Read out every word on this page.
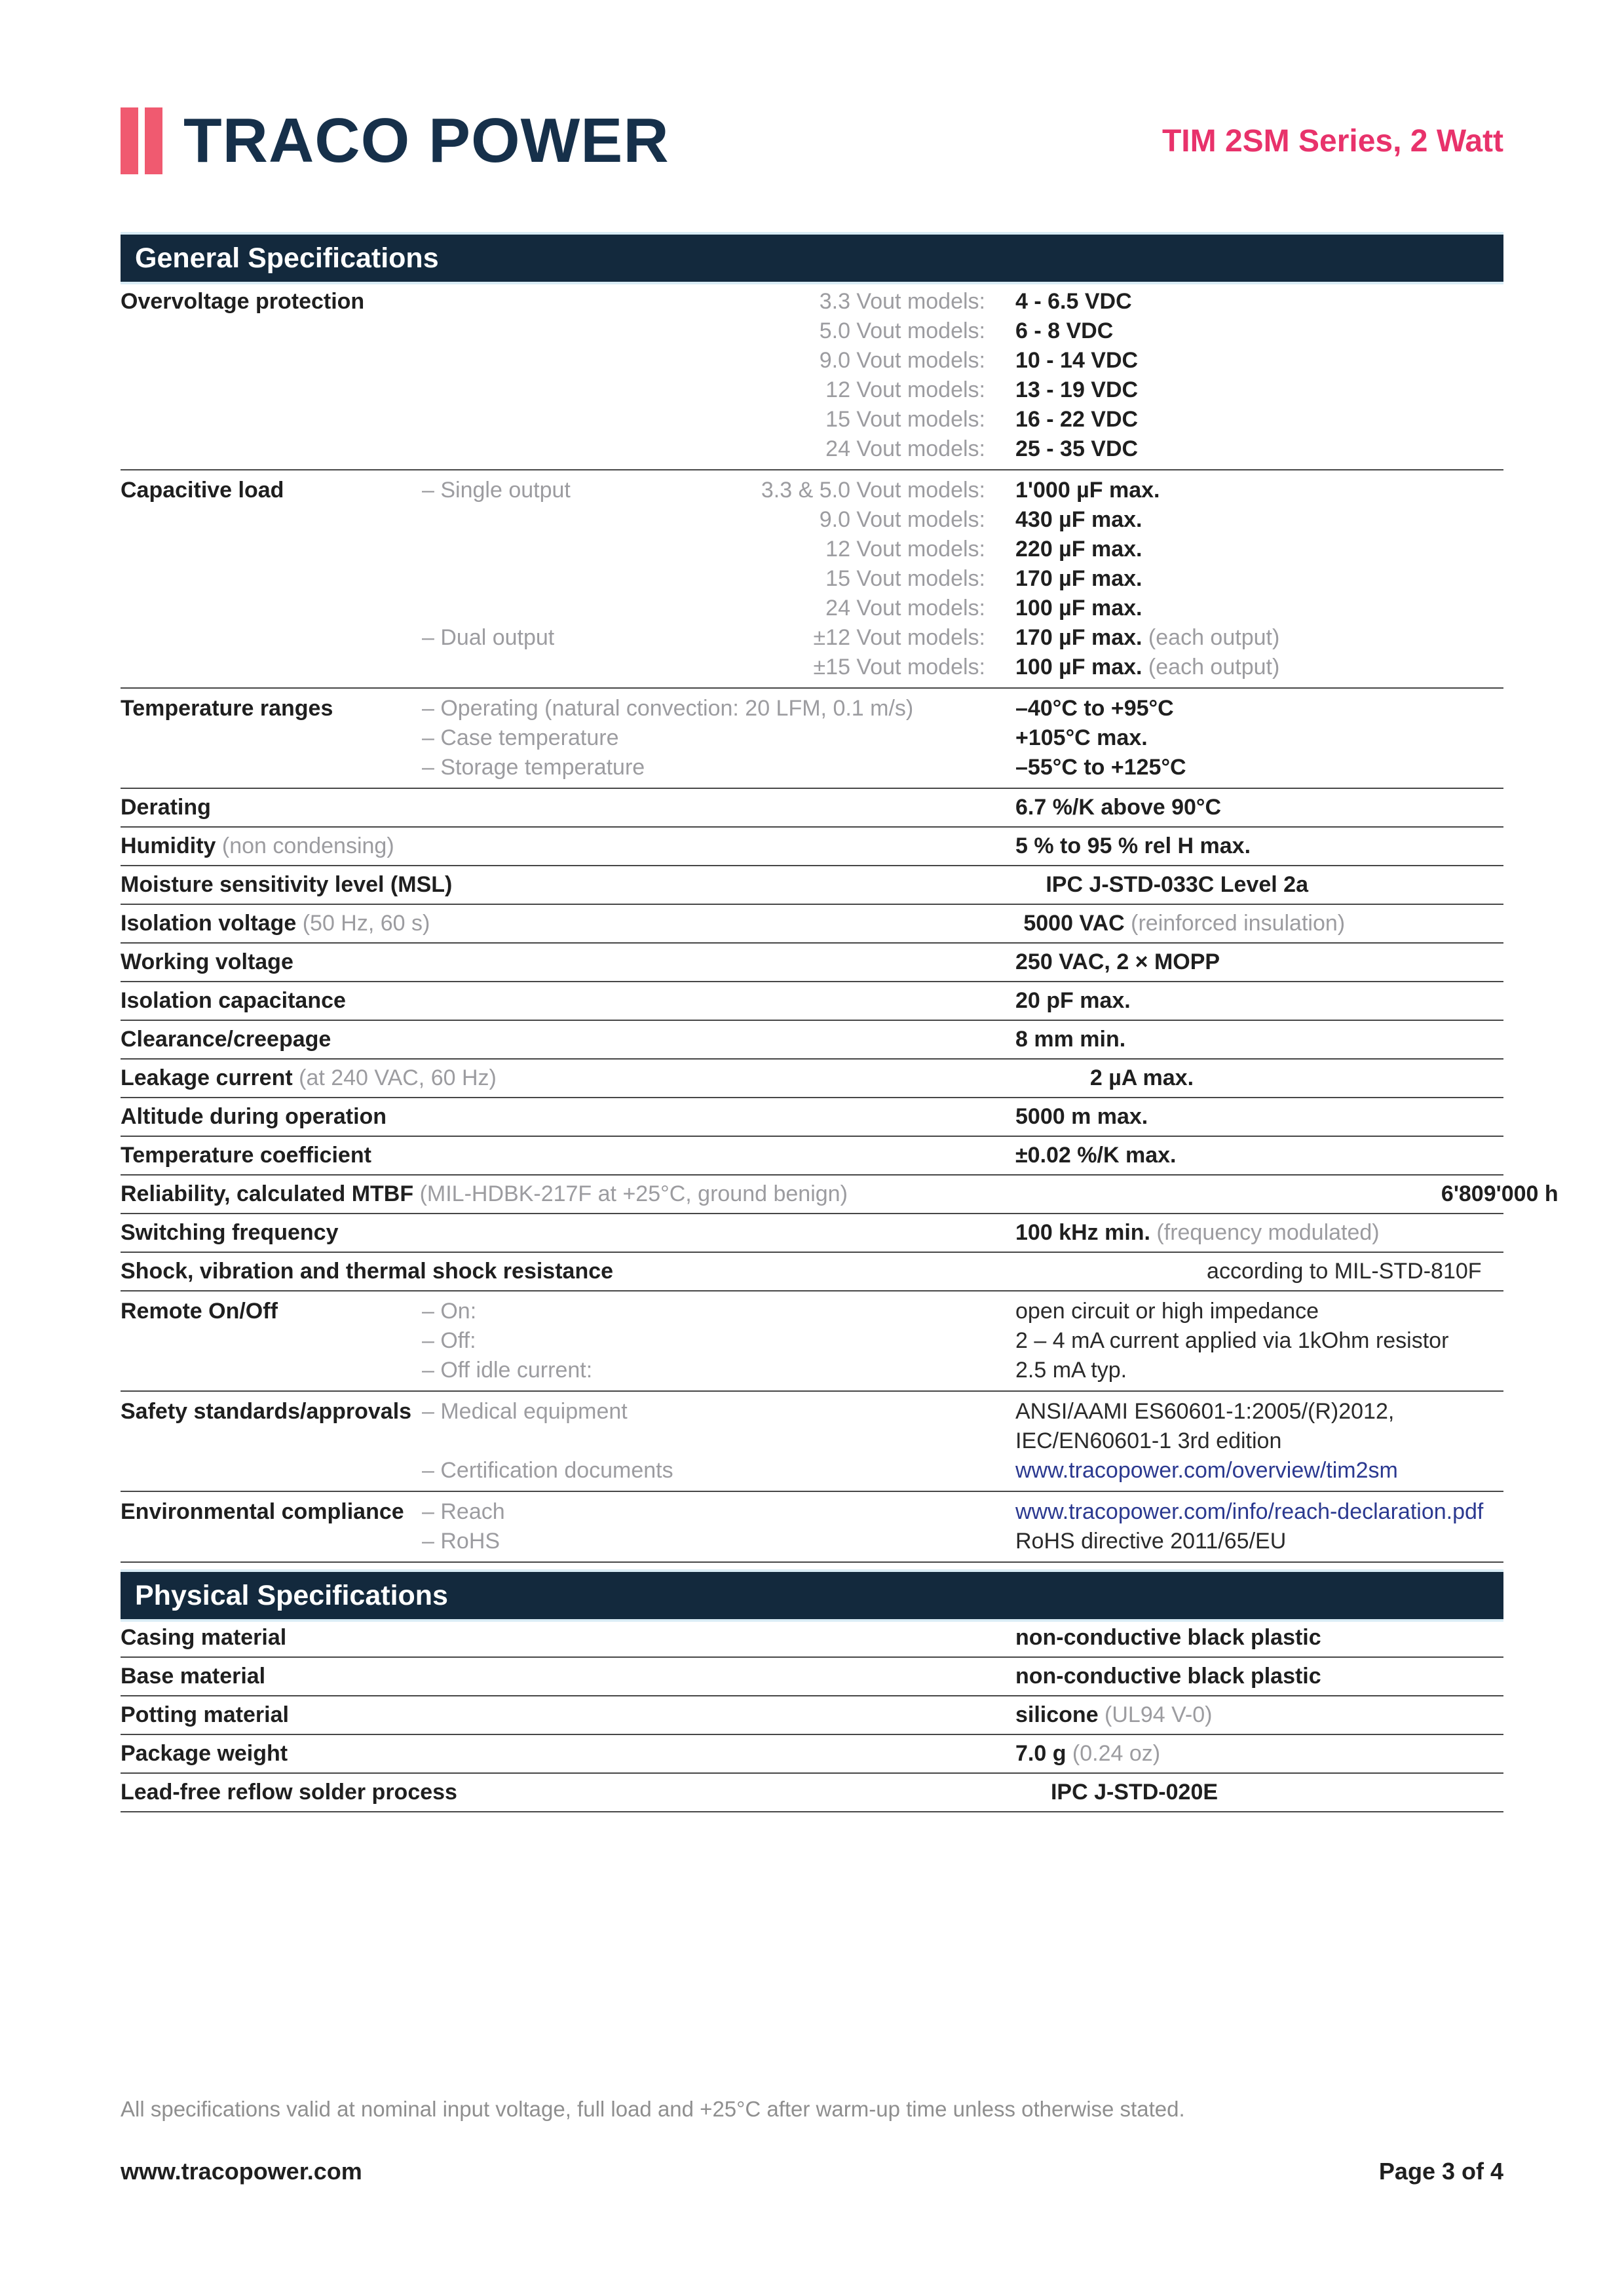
TRACO POWER	TIM 2SM Series, 2 Watt
General Specifications
Overvoltage protection	3.3 Vout models: 4 - 6.5 VDC
5.0 Vout models: 6 - 8 VDC
9.0 Vout models: 10 - 14 VDC
12 Vout models: 13 - 19 VDC
15 Vout models: 16 - 22 VDC
24 Vout models: 25 - 35 VDC
Capacitive load	– Single output	3.3 & 5.0 Vout models: 1'000 µF max.
9.0 Vout models: 430 µF max.
12 Vout models: 220 µF max.
15 Vout models: 170 µF max.
24 Vout models: 100 µF max.
– Dual output	±12 Vout models: 170 µF max. (each output)
±15 Vout models: 100 µF max. (each output)
Temperature ranges	– Operating (natural convection: 20 LFM, 0.1 m/s)	–40°C to +95°C
– Case temperature	+105°C max.
– Storage temperature	–55°C to +125°C
Derating	6.7 %/K above 90°C
Humidity (non condensing)	5 % to 95 % rel H max.
Moisture sensitivity level (MSL)	IPC J-STD-033C Level 2a
Isolation voltage (50 Hz, 60 s)	5000 VAC (reinforced insulation)
Working voltage	250 VAC, 2 × MOPP
Isolation capacitance	20 pF max.
Clearance/creepage	8 mm min.
Leakage current (at 240 VAC, 60 Hz)	2 µA max.
Altitude during operation	5000 m max.
Temperature coefficient	±0.02 %/K max.
Reliability, calculated MTBF (MIL-HDBK-217F at +25°C, ground benign)	6'809'000 h
Switching frequency	100 kHz min. (frequency modulated)
Shock, vibration and thermal shock resistance	according to MIL-STD-810F
Remote On/Off	– On:	open circuit or high impedance
– Off:	2 – 4 mA current applied via 1kOhm resistor
– Off idle current:	2.5 mA typ.
Safety standards/approvals – Medical equipment	ANSI/AAMI ES60601-1:2005/(R)2012,
IEC/EN60601-1 3rd edition
– Certification documents	www.tracopower.com/overview/tim2sm
Environmental compliance – Reach	www.tracopower.com/info/reach-declaration.pdf
– RoHS	RoHS directive 2011/65/EU
Physical Specifications
Casing material	non-conductive black plastic
Base material	non-conductive black plastic
Potting material	silicone (UL94 V-0)
Package weight	7.0 g (0.24 oz)
Lead-free reflow solder process	IPC J-STD-020E
All specifications valid at nominal input voltage, full load and +25°C after warm-up time unless otherwise stated.
www.tracopower.com	Page 3 of 4
